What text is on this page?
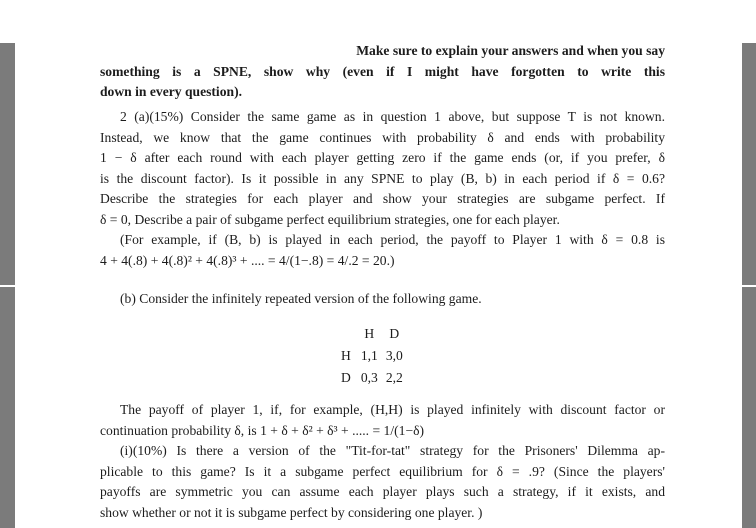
Make sure to explain your answers and when you say
something is a SPNE, show why (even if I might have forgotten to write this
down in every question).
2 (a)(15%) Consider the same game as in question 1 above, but suppose T is not known.
Instead, we know that the game continues with probability δ and ends with probability
1 − δ after each round with each player getting zero if the game ends (or, if you prefer, δ
is the discount factor). Is it possible in any SPNE to play (B, b) in each period if δ = 0.6?
Describe the strategies for each player and show your strategies are subgame perfect. If
δ = 0, Describe a pair of subgame perfect equilibrium strategies, one for each player.
(For example, if (B, b) is played in each period, the payoff to Player 1 with δ = 0.8 is
4 + 4(.8) + 4(.8)² + 4(.8)³ + .... = 4/(1−.8) = 4/.2 = 20.)
(b) Consider the infinitely repeated version of the following game.
	H	D
H	1,1	3,0
D	0,3	2,2
The payoff of player 1, if, for example, (H,H) is played infinitely with discount factor or
continuation probability δ, is 1 + δ + δ² + δ³ + ..... = 1/(1−δ)
(i)(10%) Is there a version of the "Tit-for-tat" strategy for the Prisoners' Dilemma ap-
plicable to this game? Is it a subgame perfect equilibrium for δ = .9? (Since the players'
payoffs are symmetric you can assume each player plays such a strategy, if it exists, and
show whether or not it is subgame perfect by considering one player. )
